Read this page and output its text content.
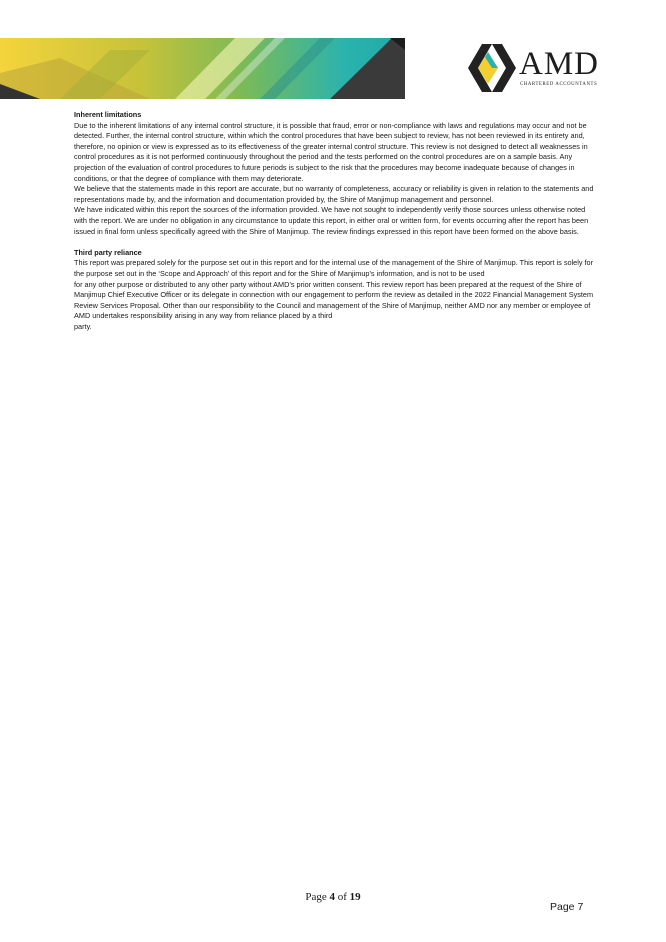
AMD
CHARTERED ACCOUNTANTS

Inherent limitations

Due to the inherent limitations of any internal control structure, it is possible that fraud, error or non-compliance with laws and regulations may occur and not be detected. Further, the internal control structure, within which the control procedures that have been subject to review, has not been reviewed in its entirety and, therefore, no opinion or view is expressed as to its effectiveness of the greater internal control structure. This review is not designed to detect all weaknesses in control procedures as it is not performed continuously throughout the period and the tests performed on the control procedures are on a sample basis. Any projection of the evaluation of control procedures to future periods is subject to the risk that the procedures may become inadequate because of changes in conditions, or that the degree of compliance with them may deteriorate.

We believe that the statements made in this report are accurate, but no warranty of completeness, accuracy or reliability is given in relation to the statements and representations made by, and the information and documentation provided by, the Shire of Manjimup management and personnel.

We have indicated within this report the sources of the information provided. We have not sought to independently verify those sources unless otherwise noted with the report. We are under no obligation in any circumstance to update this report, in either oral or written form, for events occurring after the report has been issued in final form unless specifically agreed with the Shire of Manjimup. The review findings expressed in this report have been formed on the above basis.

Third party reliance

This report was prepared solely for the purpose set out in this report and for the internal use of the management of the Shire of Manjimup. This report is solely for the purpose set out in the ‘Scope and Approach’ of this report and for the Shire of Manjimup’s information, and is not to be used

for any other purpose or distributed to any other party without AMD’s prior written consent. This review report has been prepared at the request of the Shire of Manjimup Chief Executive Officer or its delegate in connection with our engagement to perform the review as detailed in the 2022 Financial Management System Review Services Proposal. Other than our responsibility to the Council and management of the Shire of Manjimup, neither AMD nor any member or employee of AMD undertakes responsibility arising in any way from reliance placed by a third

party.

Page 4 of 19
Page 7
